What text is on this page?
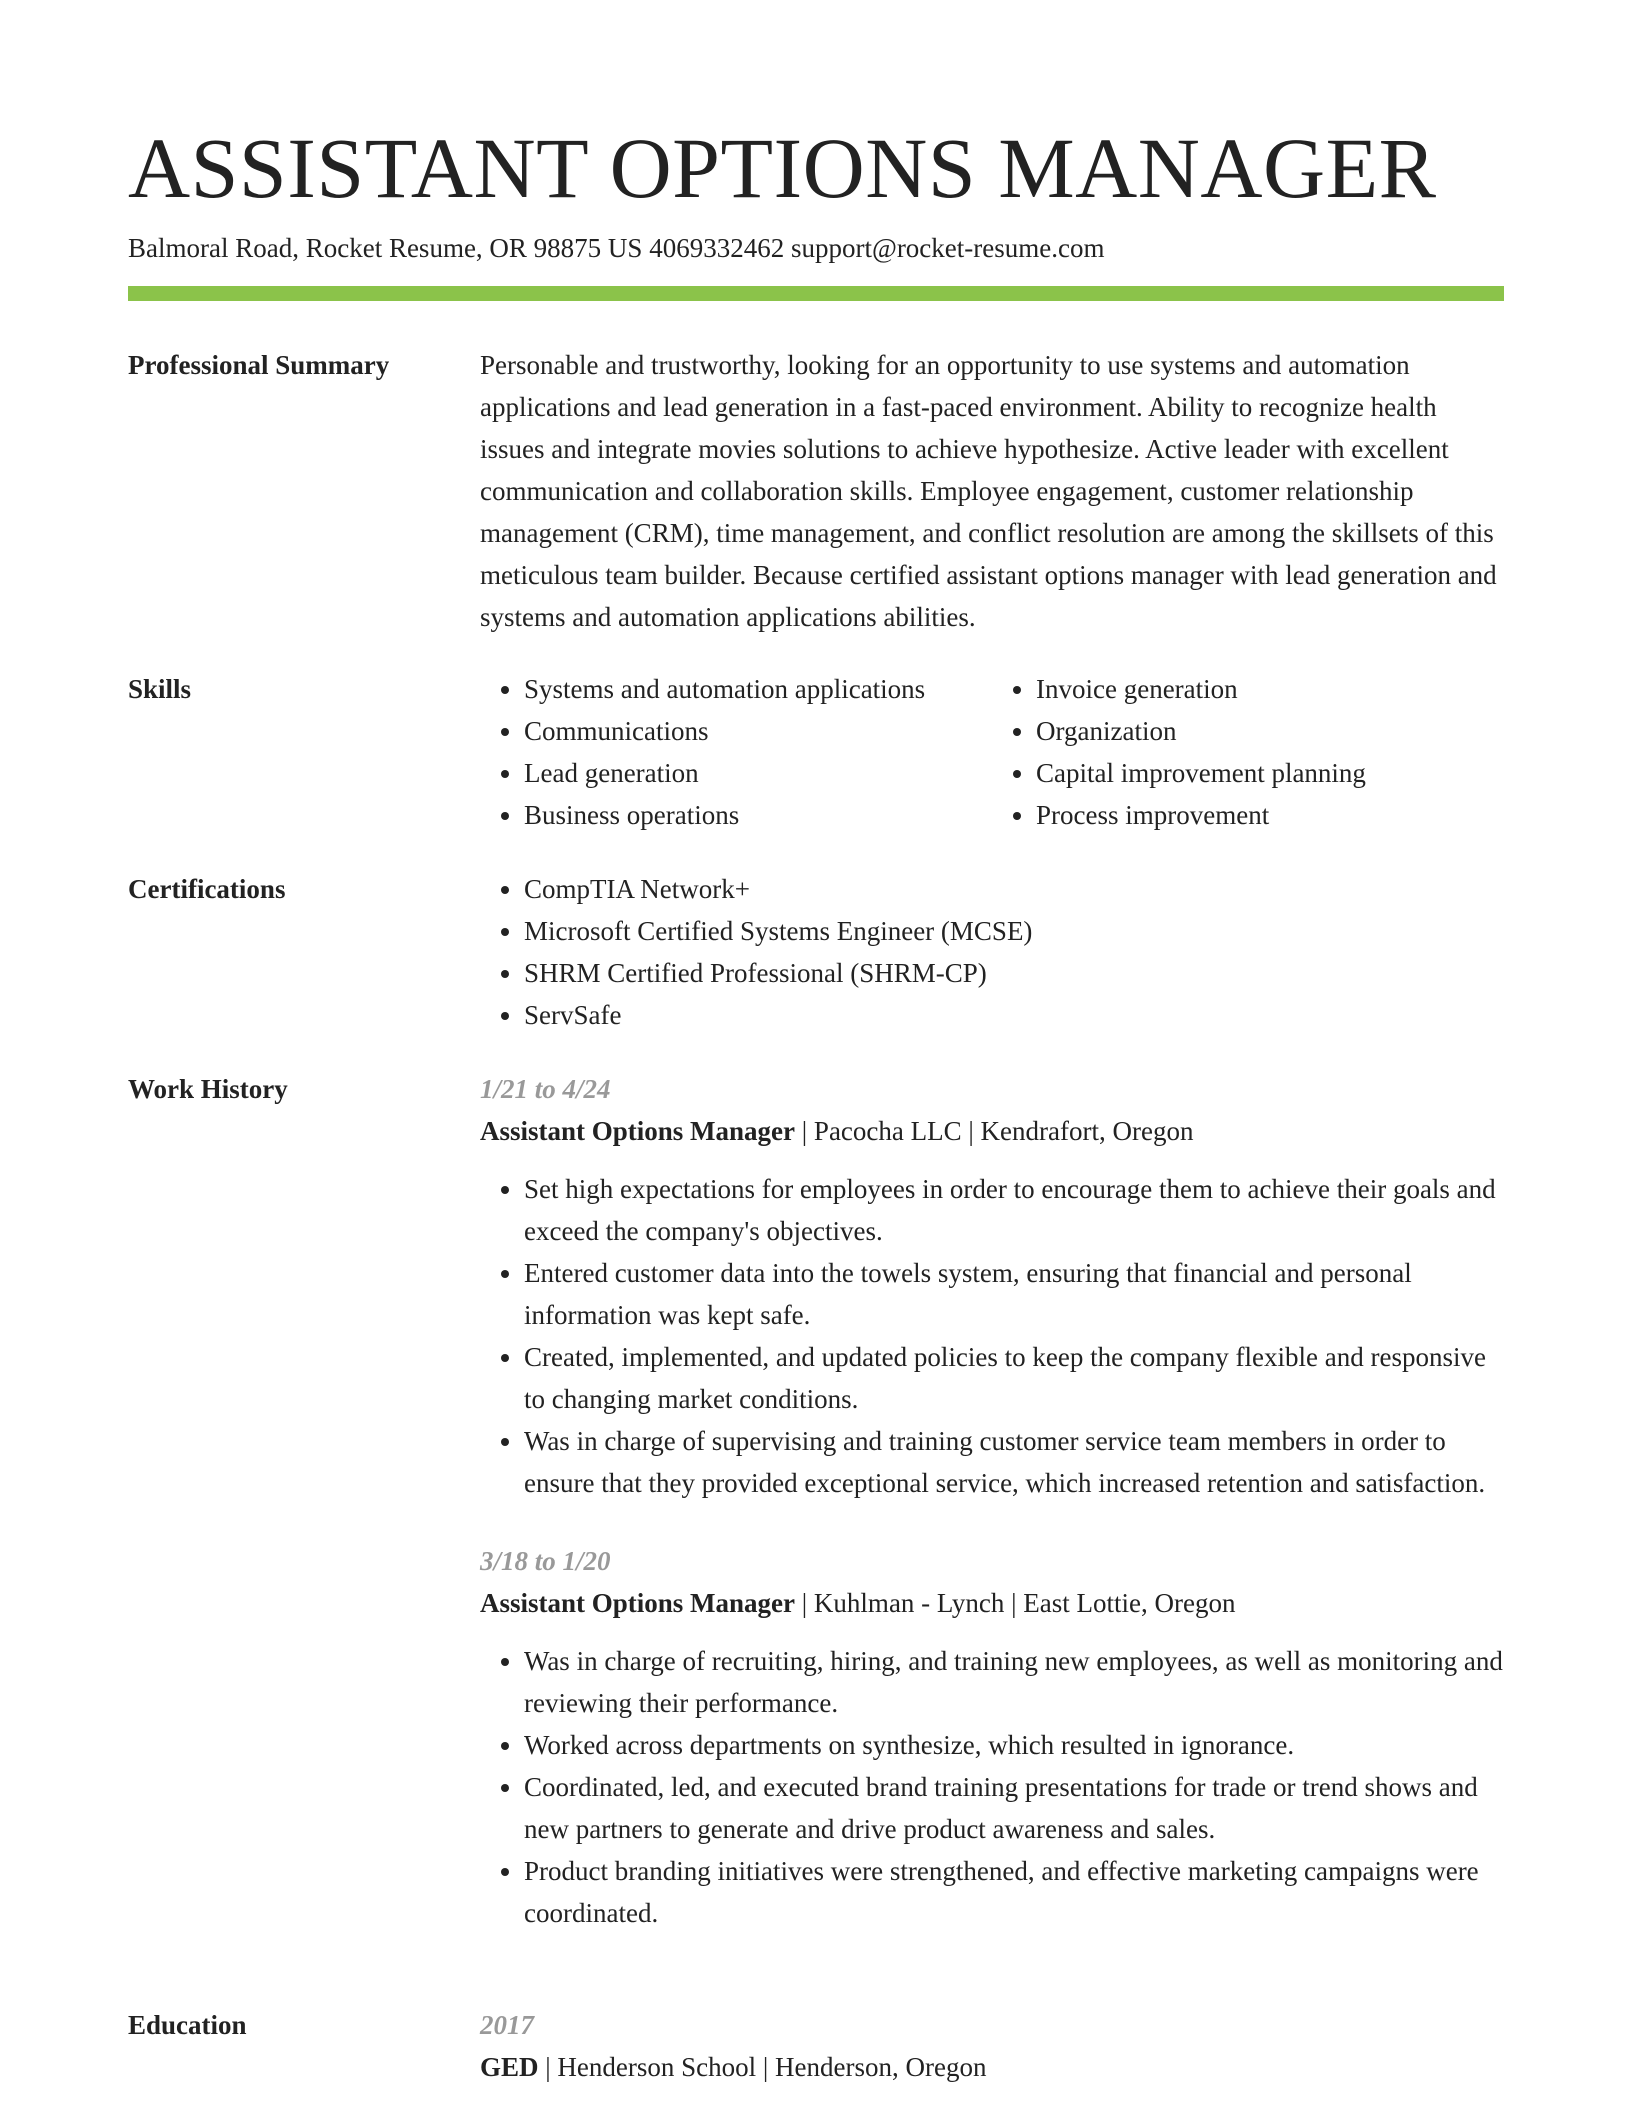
ASSISTANT OPTIONS MANAGER
Balmoral Road, Rocket Resume, OR 98875 US 4069332462 support@rocket-resume.com
Professional Summary	Personable and trustworthy, looking for an opportunity to use systems and automation applications and lead generation in a fast-paced environment. Ability to recognize health issues and integrate movies solutions to achieve hypothesize. Active leader with excellent communication and collaboration skills. Employee engagement, customer relationship management (CRM), time management, and conflict resolution are among the skillsets of this meticulous team builder. Because certified assistant options manager with lead generation and systems and automation applications abilities.

Skills	• Systems and automation applications
• Communications
• Lead generation
• Business operations
• Invoice generation
• Organization
• Capital improvement planning
• Process improvement
Certifications	• CompTIA Network+
• Microsoft Certified Systems Engineer (MCSE)
• SHRM Certified Professional (SHRM-CP)
• ServSafe
Work History	1/21 to 4/24
Assistant Options Manager | Pacocha LLC | Kendrafort, Oregon
• Set high expectations for employees in order to encourage them to achieve their goals and exceed the company's objectives.
• Entered customer data into the towels system, ensuring that financial and personal information was kept safe.
• Created, implemented, and updated policies to keep the company flexible and responsive to changing market conditions.
• Was in charge of supervising and training customer service team members in order to ensure that they provided exceptional service, which increased retention and satisfaction.
3/18 to 1/20
Assistant Options Manager | Kuhlman - Lynch | East Lottie, Oregon
• Was in charge of recruiting, hiring, and training new employees, as well as monitoring and reviewing their performance.
• Worked across departments on synthesize, which resulted in ignorance.
• Coordinated, led, and executed brand training presentations for trade or trend shows and new partners to generate and drive product awareness and sales.
• Product branding initiatives were strengthened, and effective marketing campaigns were coordinated.
Education	2017
GED | Henderson School | Henderson, Oregon
